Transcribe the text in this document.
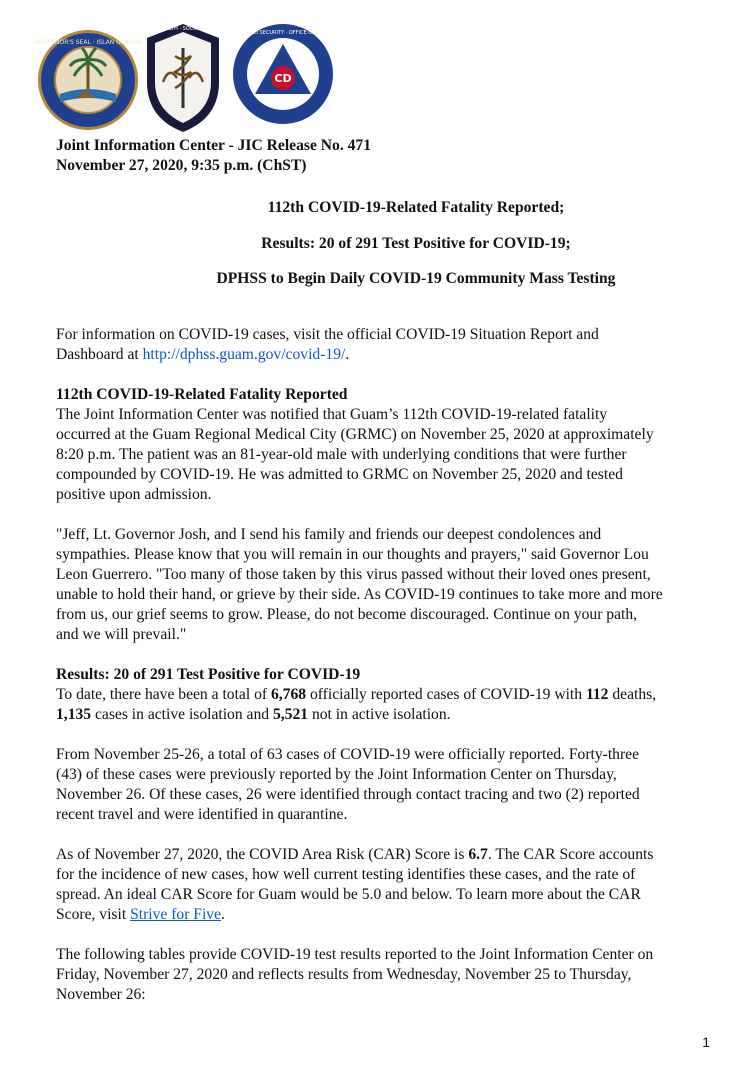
GOVERNOR'S SEAL · ISLAN GUAHAN
PUBLIC HEALTH · SOCIAL SERVICES
CD
GUAM HOMELAND SECURITY · OFFICE OF CIVIL DEFENSE

Joint Information Center - JIC Release No. 471

November 27, 2020, 9:35 p.m. (ChST)

112th COVID-19-Related Fatality Reported;

Results: 20 of 291 Test Positive for COVID-19;

DPHSS to Begin Daily COVID-19 Community Mass Testing

For information on COVID-19 cases, visit the official COVID-19 Situation Report and

Dashboard at http://dphss.guam.gov/covid-19/.

112th COVID-19-Related Fatality Reported

The Joint Information Center was notified that Guam’s 112th COVID-19-related fatality

occurred at the Guam Regional Medical City (GRMC) on November 25, 2020 at approximately

8:20 p.m. The patient was an 81-year-old male with underlying conditions that were further

compounded by COVID-19. He was admitted to GRMC on November 25, 2020 and tested

positive upon admission.

"Jeff, Lt. Governor Josh, and I send his family and friends our deepest condolences and

sympathies. Please know that you will remain in our thoughts and prayers," said Governor Lou

Leon Guerrero. "Too many of those taken by this virus passed without their loved ones present,

unable to hold their hand, or grieve by their side. As COVID-19 continues to take more and more

from us, our grief seems to grow. Please, do not become discouraged. Continue on your path,

and we will prevail."

Results: 20 of 291 Test Positive for COVID-19

To date, there have been a total of 6,768 officially reported cases of COVID-19 with 112 deaths,

1,135 cases in active isolation and 5,521 not in active isolation.

From November 25-26, a total of 63 cases of COVID-19 were officially reported. Forty-three

(43) of these cases were previously reported by the Joint Information Center on Thursday,

November 26. Of these cases, 26 were identified through contact tracing and two (2) reported

recent travel and were identified in quarantine.

As of November 27, 2020, the COVID Area Risk (CAR) Score is 6.7. The CAR Score accounts

for the incidence of new cases, how well current testing identifies these cases, and the rate of

spread. An ideal CAR Score for Guam would be 5.0 and below. To learn more about the CAR

Score, visit Strive for Five.

The following tables provide COVID-19 test results reported to the Joint Information Center on

Friday, November 27, 2020 and reflects results from Wednesday, November 25 to Thursday,

November 26:

1
